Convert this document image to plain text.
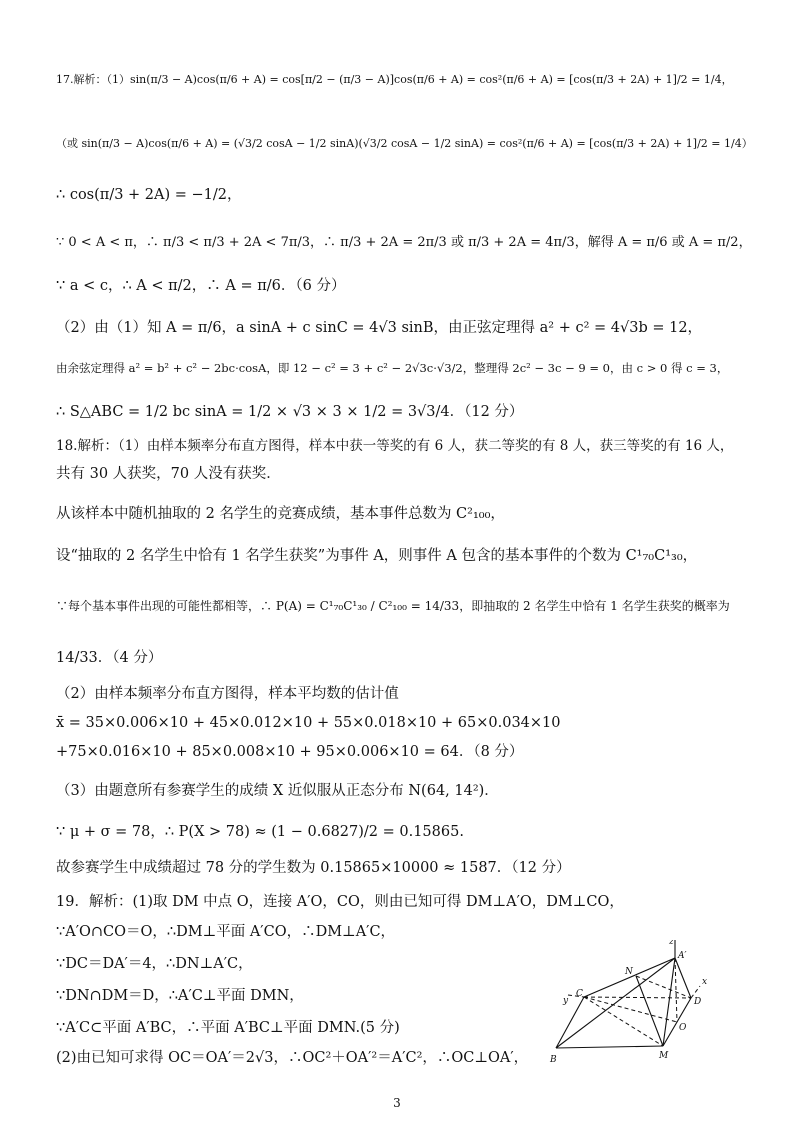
17.解析：（1）sin(π/3 − A)cos(π/6 + A) = cos[π/2 − (π/3 − A)]cos(π/6 + A) = cos²(π/6 + A) = [cos(π/3 + 2A) + 1]/2 = 1/4，
（或 sin(π/3 − A)cos(π/6 + A) = (√3/2 cosA − 1/2 sinA)(√3/2 cosA − 1/2 sinA) = cos²(π/6 + A) = [cos(π/3 + 2A) + 1]/2 = 1/4）
∴ cos(π/3 + 2A) = −1/2，
∵ 0 < A < π，∴ π/3 < π/3 + 2A < 7π/3，∴ π/3 + 2A = 2π/3 或 π/3 + 2A = 4π/3，解得 A = π/6 或 A = π/2，
∵ a < c，∴ A < π/2，∴ A = π/6．（6 分）
（2）由（1）知 A = π/6，a sinA + c sinC = 4√3 sinB，由正弦定理得 a² + c² = 4√3b = 12，
由余弦定理得 a² = b² + c² − 2bc·cosA，即 12 − c² = 3 + c² − 2√3c·√3/2，整理得 2c² − 3c − 9 = 0，由 c > 0 得 c = 3，
∴ S△ABC = 1/2 bc sinA = 1/2 × √3 × 3 × 1/2 = 3√3/4．（12 分）
18.解析：（1）由样本频率分布直方图得，样本中获一等奖的有 6 人，获二等奖的有 8 人，获三等奖的有 16 人，
共有 30 人获奖，70 人没有获奖．
从该样本中随机抽取的 2 名学生的竞赛成绩，基本事件总数为 C²₁₀₀，
设“抽取的 2 名学生中恰有 1 名学生获奖”为事件 A，则事件 A 包含的基本事件的个数为 C¹₇₀C¹₃₀，
∵每个基本事件出现的可能性都相等，∴ P(A) = C¹₇₀C¹₃₀ / C²₁₀₀ = 14/33，即抽取的 2 名学生中恰有 1 名学生获奖的概率为
14/33．（4 分）
（2）由样本频率分布直方图得，样本平均数的估计值
x̄ = 35×0.006×10 + 45×0.012×10 + 55×0.018×10 + 65×0.034×10
+75×0.016×10 + 85×0.008×10 + 95×0.006×10 = 64．（8 分）
（3）由题意所有参赛学生的成绩 X 近似服从正态分布 N(64, 14²)．
∵ μ + σ = 78，∴ P(X > 78) ≈ (1 − 0.6827)/2 = 0.15865.
故参赛学生中成绩超过 78 分的学生数为 0.15865×10000 ≈ 1587．（12 分）
19．解析：(1)取 DM 中点 O，连接 A′O，CO，则由已知可得 DM⊥A′O，DM⊥CO，
∵A′O∩CO＝O，∴DM⊥平面 A′CO，∴DM⊥A′C，
∵DC＝DA′＝4，∴DN⊥A′C，
∵DN∩DM＝D，∴A′C⊥平面 DMN，
∵A′C⊂平面 A′BC，∴平面 A′BC⊥平面 DMN.(5 分)
(2)由已知可求得 OC＝OA′＝2√3，∴OC²＋OA′²＝A′C²，∴OC⊥OA′，
z
A′
N
C
y
x
D
O
B	M
3
